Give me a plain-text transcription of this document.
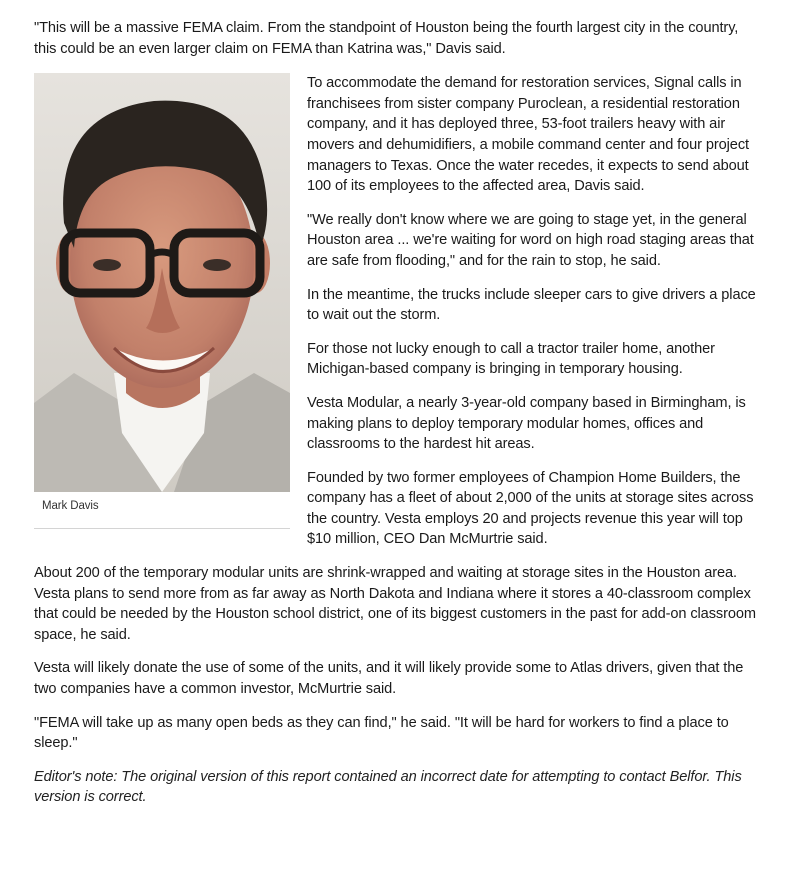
"This will be a massive FEMA claim. From the standpoint of Houston being the fourth largest city in the country, this could be an even larger claim on FEMA than Katrina was," Davis said.

Mark Davis

To accommodate the demand for restoration services, Signal calls in franchisees from sister company Puroclean, a residential restoration company, and it has deployed three, 53-foot trailers heavy with air movers and dehumidifiers, a mobile command center and four project managers to Texas. Once the water recedes, it expects to send about 100 of its employees to the affected area, Davis said.

"We really don't know where we are going to stage yet, in the general Houston area ... we're waiting for word on high road staging areas that are safe from flooding," and for the rain to stop, he said.

In the meantime, the trucks include sleeper cars to give drivers a place to wait out the storm.

For those not lucky enough to call a tractor trailer home, another Michigan-based company is bringing in temporary housing.

Vesta Modular, a nearly 3-year-old company based in Birmingham, is making plans to deploy temporary modular homes, offices and classrooms to the hardest hit areas.

Founded by two former employees of Champion Home Builders, the company has a fleet of about 2,000 of the units at storage sites across the country. Vesta employs 20 and projects revenue this year will top $10 million, CEO Dan McMurtrie said.

About 200 of the temporary modular units are shrink-wrapped and waiting at storage sites in the Houston area. Vesta plans to send more from as far away as North Dakota and Indiana where it stores a 40-classroom complex that could be needed by the Houston school district, one of its biggest customers in the past for add-on classroom space, he said.

Vesta will likely donate the use of some of the units, and it will likely provide some to Atlas drivers, given that the two companies have a common investor, McMurtrie said.

"FEMA will take up as many open beds as they can find," he said. "It will be hard for workers to find a place to sleep."

Editor's note: The original version of this report contained an incorrect date for attempting to contact Belfor. This version is correct.
